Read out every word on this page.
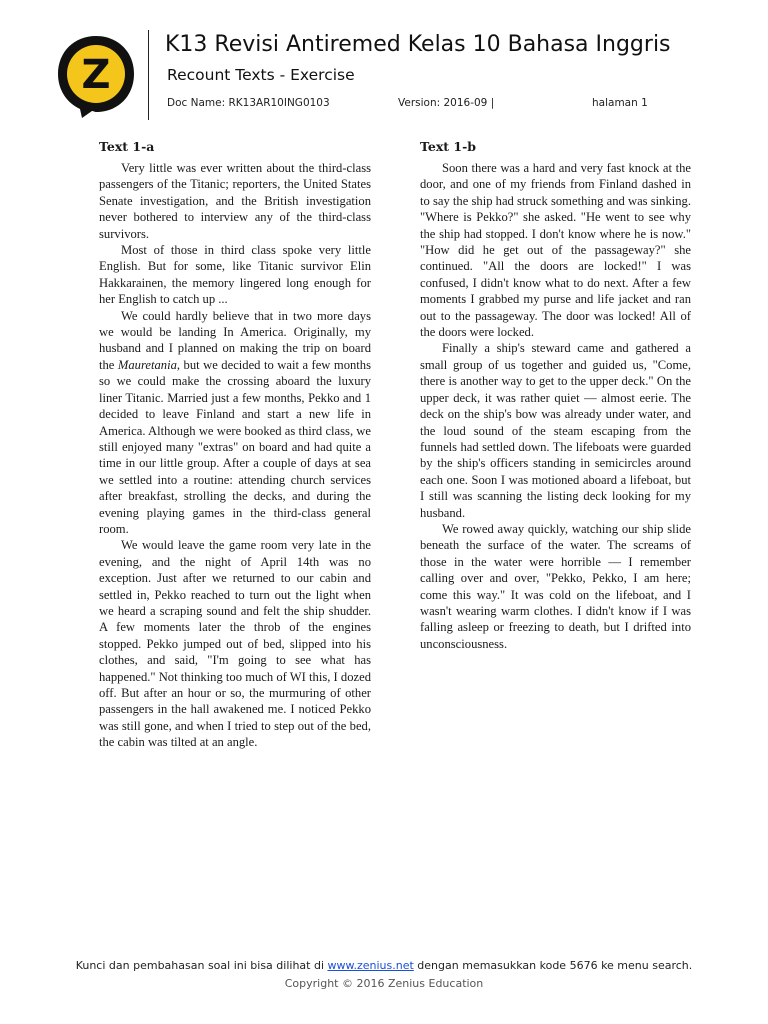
Z
K13 Revisi Antiremed Kelas 10 Bahasa Inggris
Recount Texts - Exercise
Doc Name: RK13AR10ING0103	Version: 2016-09 |	halaman 1
Text 1-a

Very little was ever written about the third-class passengers of the Titanic; reporters, the United States Senate investigation, and the British investigation never bothered to interview any of the third-class survivors.

Most of those in third class spoke very little English. But for some, like Titanic survivor Elin Hakkarainen, the memory lingered long enough for her English to catch up ...

We could hardly believe that in two more days we would be landing In America. Originally, my husband and I planned on making the trip on board the Mauretania, but we decided to wait a few months so we could make the crossing aboard the luxury liner Titanic. Married just a few months, Pekko and 1 decided to leave Finland and start a new life in America. Although we were booked as third class, we still enjoyed many "extras" on board and had quite a time in our little group. After a couple of days at sea we settled into a routine: attending church services after breakfast, strolling the decks, and during the evening playing games in the third-class general room.

We would leave the game room very late in the evening, and the night of April 14th was no exception. Just after we returned to our cabin and settled in, Pekko reached to turn out the light when we heard a scraping sound and felt the ship shudder. A few moments later the throb of the engines stopped. Pekko jumped out of bed, slipped into his clothes, and said, "I'm going to see what has happened." Not thinking too much of WI this, I dozed off. But after an hour or so, the murmuring of other passengers in the hall awakened me. I noticed Pekko was still gone, and when I tried to step out of the bed, the cabin was tilted at an angle.

Text 1-b

Soon there was a hard and very fast knock at the door, and one of my friends from Finland dashed in to say the ship had struck something and was sinking. "Where is Pekko?" she asked. "He went to see why the ship had stopped. I don't know where he is now." "How did he get out of the passageway?" she continued. "All the doors are locked!" I was confused, I didn't know what to do next. After a few moments I grabbed my purse and life jacket and ran out to the passageway. The door was locked! All of the doors were locked.

Finally a ship's steward came and gathered a small group of us together and guided us, "Come, there is another way to get to the upper deck." On the upper deck, it was rather quiet — almost eerie. The deck on the ship's bow was already under water, and the loud sound of the steam escaping from the funnels had settled down. The lifeboats were guarded by the ship's officers standing in semicircles around each one. Soon I was motioned aboard a lifeboat, but I still was scanning the listing deck looking for my husband.

We rowed away quickly, watching our ship slide beneath the surface of the water. The screams of those in the water were horrible — I remember calling over and over, "Pekko, Pekko, I am here; come this way." It was cold on the lifeboat, and I wasn't wearing warm clothes. I didn't know if I was falling asleep or freezing to death, but I drifted into unconsciousness.

Kunci dan pembahasan soal ini bisa dilihat di www.zenius.net dengan memasukkan kode 5676 ke menu search.
Copyright © 2016 Zenius Education
